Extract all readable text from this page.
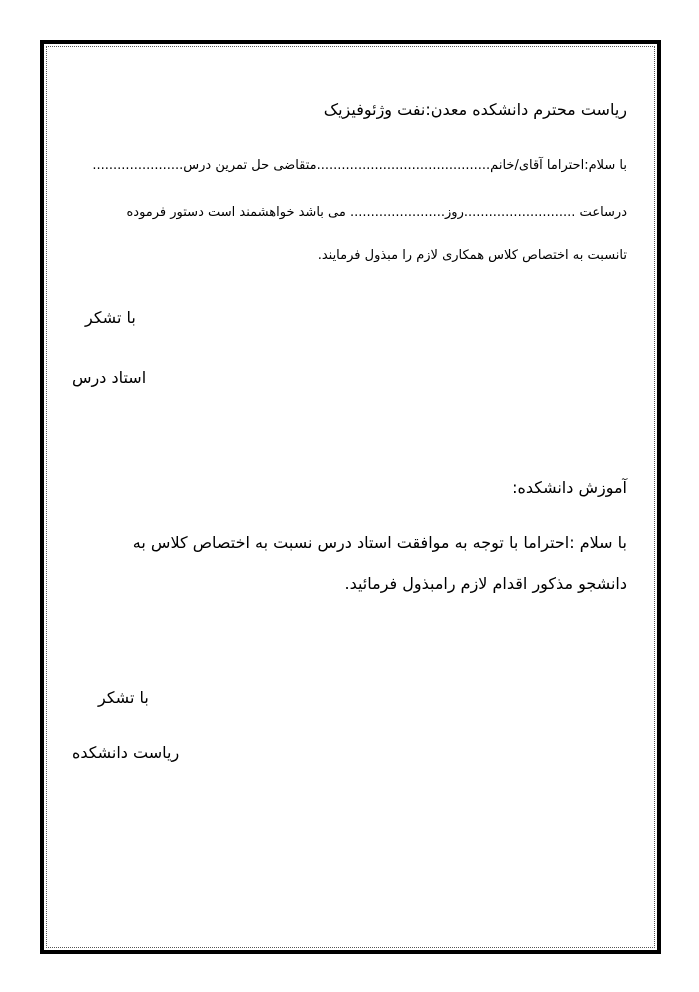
ریاست محترم دانشکده معدن:نفت وژئوفیزیک
با سلام:احتراما آقای/خانم..........................................متقاضی حل تمرین درس......................
درساعت ...........................روز....................... می باشد خواهشمند است دستور فرموده
تانسبت به اختصاص کلاس همکاری لازم را مبذول فرمایند.
با تشکر
استاد درس
آموزش دانشکده:
با سلام :احتراما با توجه به موافقت استاد درس نسبت به اختصاص کلاس به
دانشجو مذکور اقدام لازم رامبذول فرمائید.
با تشکر
ریاست دانشکده
